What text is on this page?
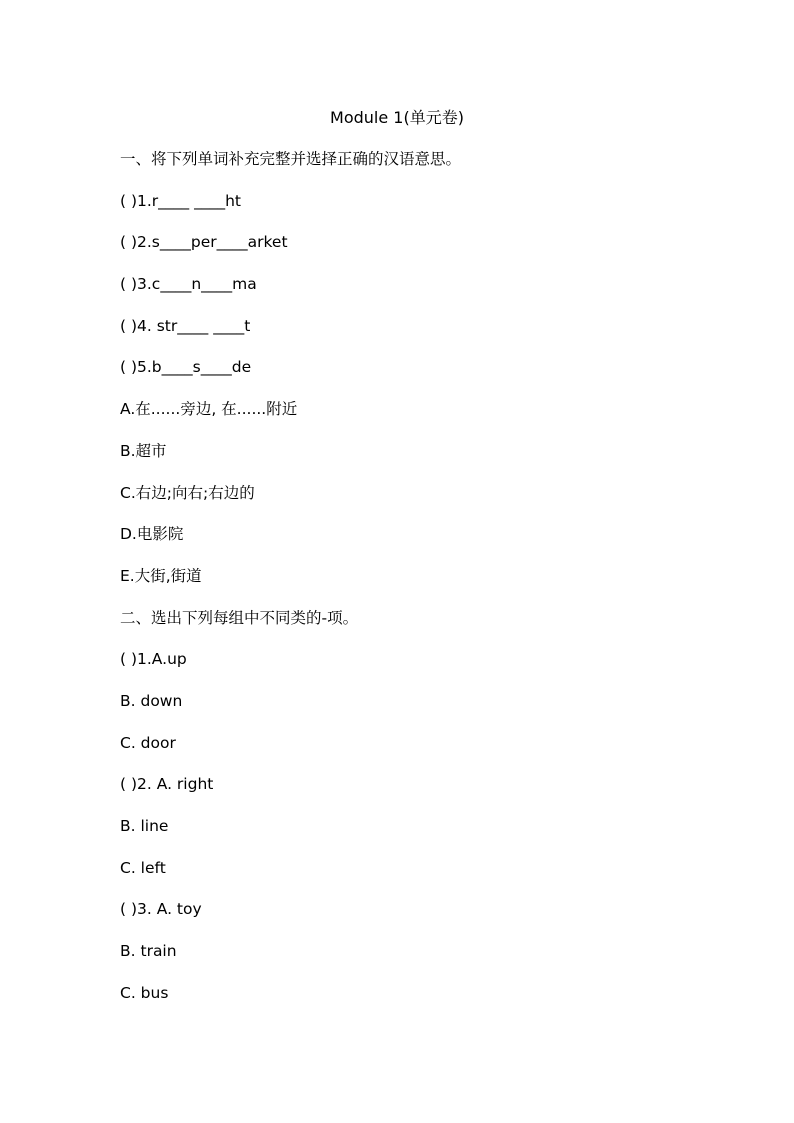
Module 1(单元卷)
一、将下列单词补充完整并选择正确的汉语意思。
( )1.r____ ____ht
( )2.s____per____arket
( )3.c____n____ma
( )4. str____ ____t
( )5.b____s____de
A.在......旁边, 在......附近
B.超市
C.右边;向右;右边的
D.电影院
E.大街,街道
二、选出下列每组中不同类的-项。
( )1.A.up
B. down
C. door
( )2. A. right
B. line
C. left
( )3. A. toy
B. train
C. bus
